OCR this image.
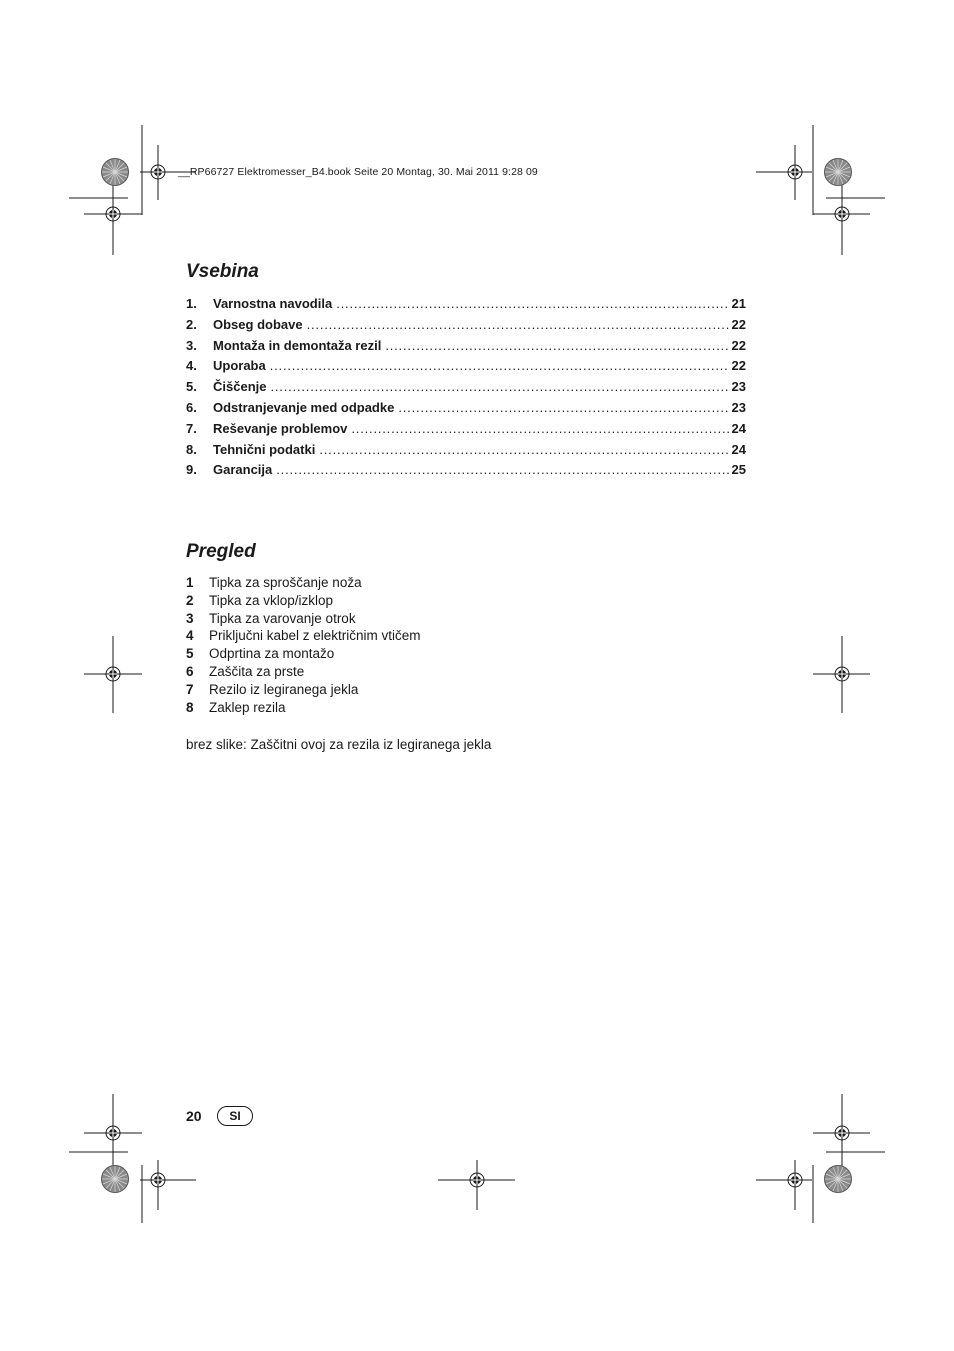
__RP66727 Elektromesser_B4.book Seite 20 Montag, 30. Mai 2011 9:28 09
Vsebina
1.	Varnostna navodila .....	21
2.	Obseg dobave .....	22
3.	Montaža in demontaža rezil .....	22
4.	Uporaba .....	22
5.	Čiščenje .....	23
6.	Odstranjevanje med odpadke .....	23
7.	Reševanje problemov .....	24
8.	Tehnični podatki .....	24
9.	Garancija .....	25
Pregled
1	Tipka za sproščanje noža
2	Tipka za vklop/izklop
3	Tipka za varovanje otrok
4	Priključni kabel z električnim vtičem
5	Odprtina za montažo
6	Zaščita za prste
7	Rezilo iz legiranega jekla
8	Zaklep rezila
brez slike: Zaščitni ovoj za rezila iz legiranega jekla
20	SI
